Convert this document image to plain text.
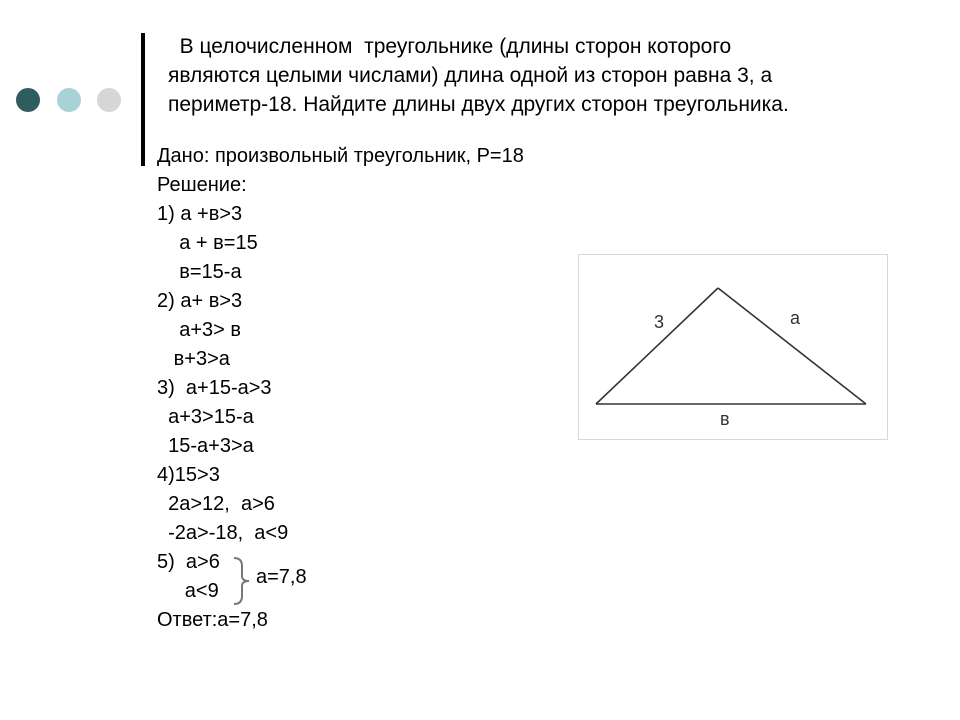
В целочисленном  треугольнике (длины сторон которого

являются целыми числами) длина одной из сторон равна 3, а

периметр-18. Найдите длины двух других сторон треугольника.

Дано: произвольный треугольник, Р=18
Решение:
1) а +в>3
а + в=15
в=15-а
2) а+ в>3
а+3> в
в+3>а
3)  а+15-а>3
а+3>15-а
15-а+3>а
4)15>3
2а>12,  а>6
-2а>-18,  а<9
5)  а>6
а<9
Ответ:а=7,8
а=7,8
3	а
в
